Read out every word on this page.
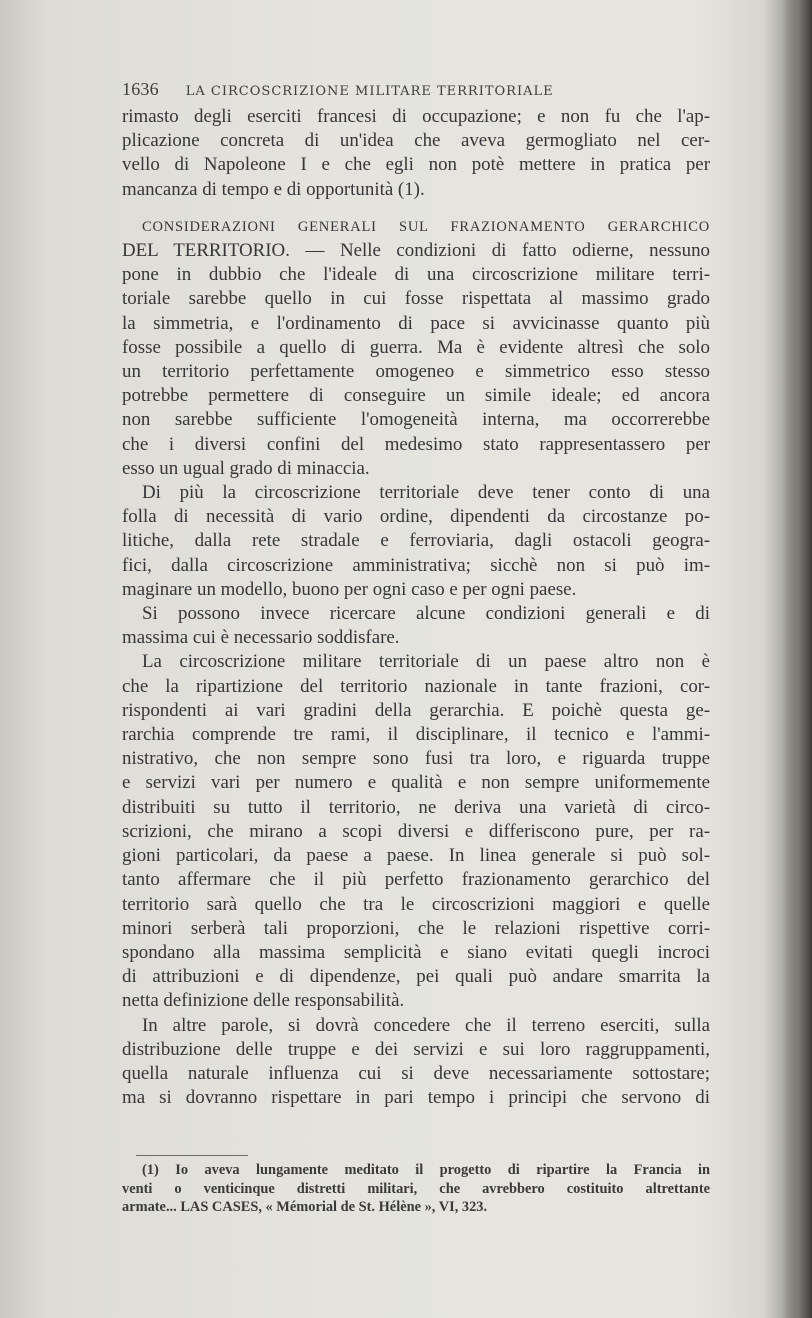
1636 LA CIRCOSCRIZIONE MILITARE TERRITORIALE
rimasto degli eserciti francesi di occupazione; e non fu che l'ap-
plicazione concreta di un'idea che aveva germogliato nel cer-
vello di Napoleone I e che egli non potè mettere in pratica per
mancanza di tempo e di opportunità (1).
CONSIDERAZIONI GENERALI SUL FRAZIONAMENTO GERARCHICO
DEL TERRITORIO. — Nelle condizioni di fatto odierne, nessuno
pone in dubbio che l'ideale di una circoscrizione militare terri-
toriale sarebbe quello in cui fosse rispettata al massimo grado
la simmetria, e l'ordinamento di pace si avvicinasse quanto più
fosse possibile a quello di guerra. Ma è evidente altresì che solo
un territorio perfettamente omogeneo e simmetrico esso stesso
potrebbe permettere di conseguire un simile ideale; ed ancora
non sarebbe sufficiente l'omogeneità interna, ma occorrerebbe
che i diversi confini del medesimo stato rappresentassero per
esso un ugual grado di minaccia.
Di più la circoscrizione territoriale deve tener conto di una
folla di necessità di vario ordine, dipendenti da circostanze po-
litiche, dalla rete stradale e ferroviaria, dagli ostacoli geogra-
fici, dalla circoscrizione amministrativa; sicchè non si può im-
maginare un modello, buono per ogni caso e per ogni paese.
Si possono invece ricercare alcune condizioni generali e di
massima cui è necessario soddisfare.
La circoscrizione militare territoriale di un paese altro non è
che la ripartizione del territorio nazionale in tante frazioni, cor-
rispondenti ai vari gradini della gerarchia. E poichè questa ge-
rarchia comprende tre rami, il disciplinare, il tecnico e l'ammi-
nistrativo, che non sempre sono fusi tra loro, e riguarda truppe
e servizi vari per numero e qualità e non sempre uniformemente
distribuiti su tutto il territorio, ne deriva una varietà di circo-
scrizioni, che mirano a scopi diversi e differiscono pure, per ra-
gioni particolari, da paese a paese. In linea generale si può sol-
tanto affermare che il più perfetto frazionamento gerarchico del
territorio sarà quello che tra le circoscrizioni maggiori e quelle
minori serberà tali proporzioni, che le relazioni rispettive corri-
spondano alla massima semplicità e siano evitati quegli incroci
di attribuzioni e di dipendenze, pei quali può andare smarrita la
netta definizione delle responsabilità.
In altre parole, si dovrà concedere che il terreno eserciti, sulla
distribuzione delle truppe e dei servizi e sui loro raggruppamenti,
quella naturale influenza cui si deve necessariamente sottostare;
ma si dovranno rispettare in pari tempo i principi che servono di
(1) Io aveva lungamente meditato il progetto di ripartire la Francia in
venti o venticinque distretti militari, che avrebbero costituito altrettante
armate... LAS CASES, « Mémorial de St. Hélène », VI, 323.
